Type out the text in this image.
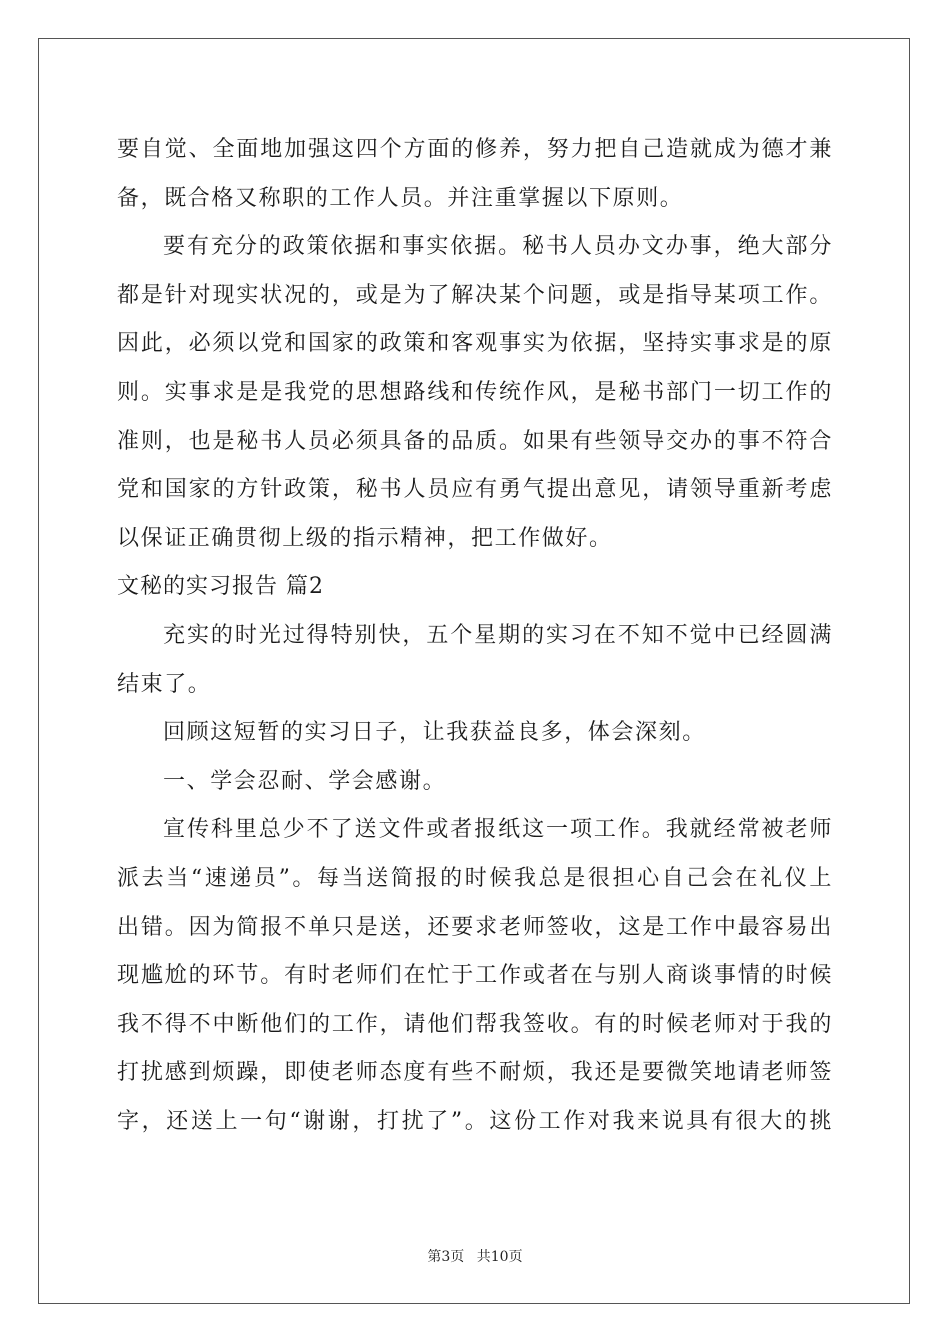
要自觉、全面地加强这四个方面的修养，努力把自己造就成为德才兼
备，既合格又称职的工作人员。并注重掌握以下原则。
要有充分的政策依据和事实依据。秘书人员办文办事，绝大部分
都是针对现实状况的，或是为了解决某个问题，或是指导某项工作。
因此，必须以党和国家的政策和客观事实为依据，坚持实事求是的原
则。实事求是是我党的思想路线和传统作风，是秘书部门一切工作的
准则，也是秘书人员必须具备的品质。如果有些领导交办的事不符合
党和国家的方针政策，秘书人员应有勇气提出意见，请领导重新考虑
以保证正确贯彻上级的指示精神，把工作做好。
文秘的实习报告 篇2
充实的时光过得特别快，五个星期的实习在不知不觉中已经圆满
结束了。
回顾这短暂的实习日子，让我获益良多，体会深刻。
一、学会忍耐、学会感谢。
宣传科里总少不了送文件或者报纸这一项工作。我就经常被老师
派去当“速递员”。每当送简报的时候我总是很担心自己会在礼仪上
出错。因为简报不单只是送，还要求老师签收，这是工作中最容易出
现尴尬的环节。有时老师们在忙于工作或者在与别人商谈事情的时候
我不得不中断他们的工作，请他们帮我签收。有的时候老师对于我的
打扰感到烦躁，即使老师态度有些不耐烦，我还是要微笑地请老师签
字，还送上一句“谢谢，打扰了”。这份工作对我来说具有很大的挑
第3页 共10页
